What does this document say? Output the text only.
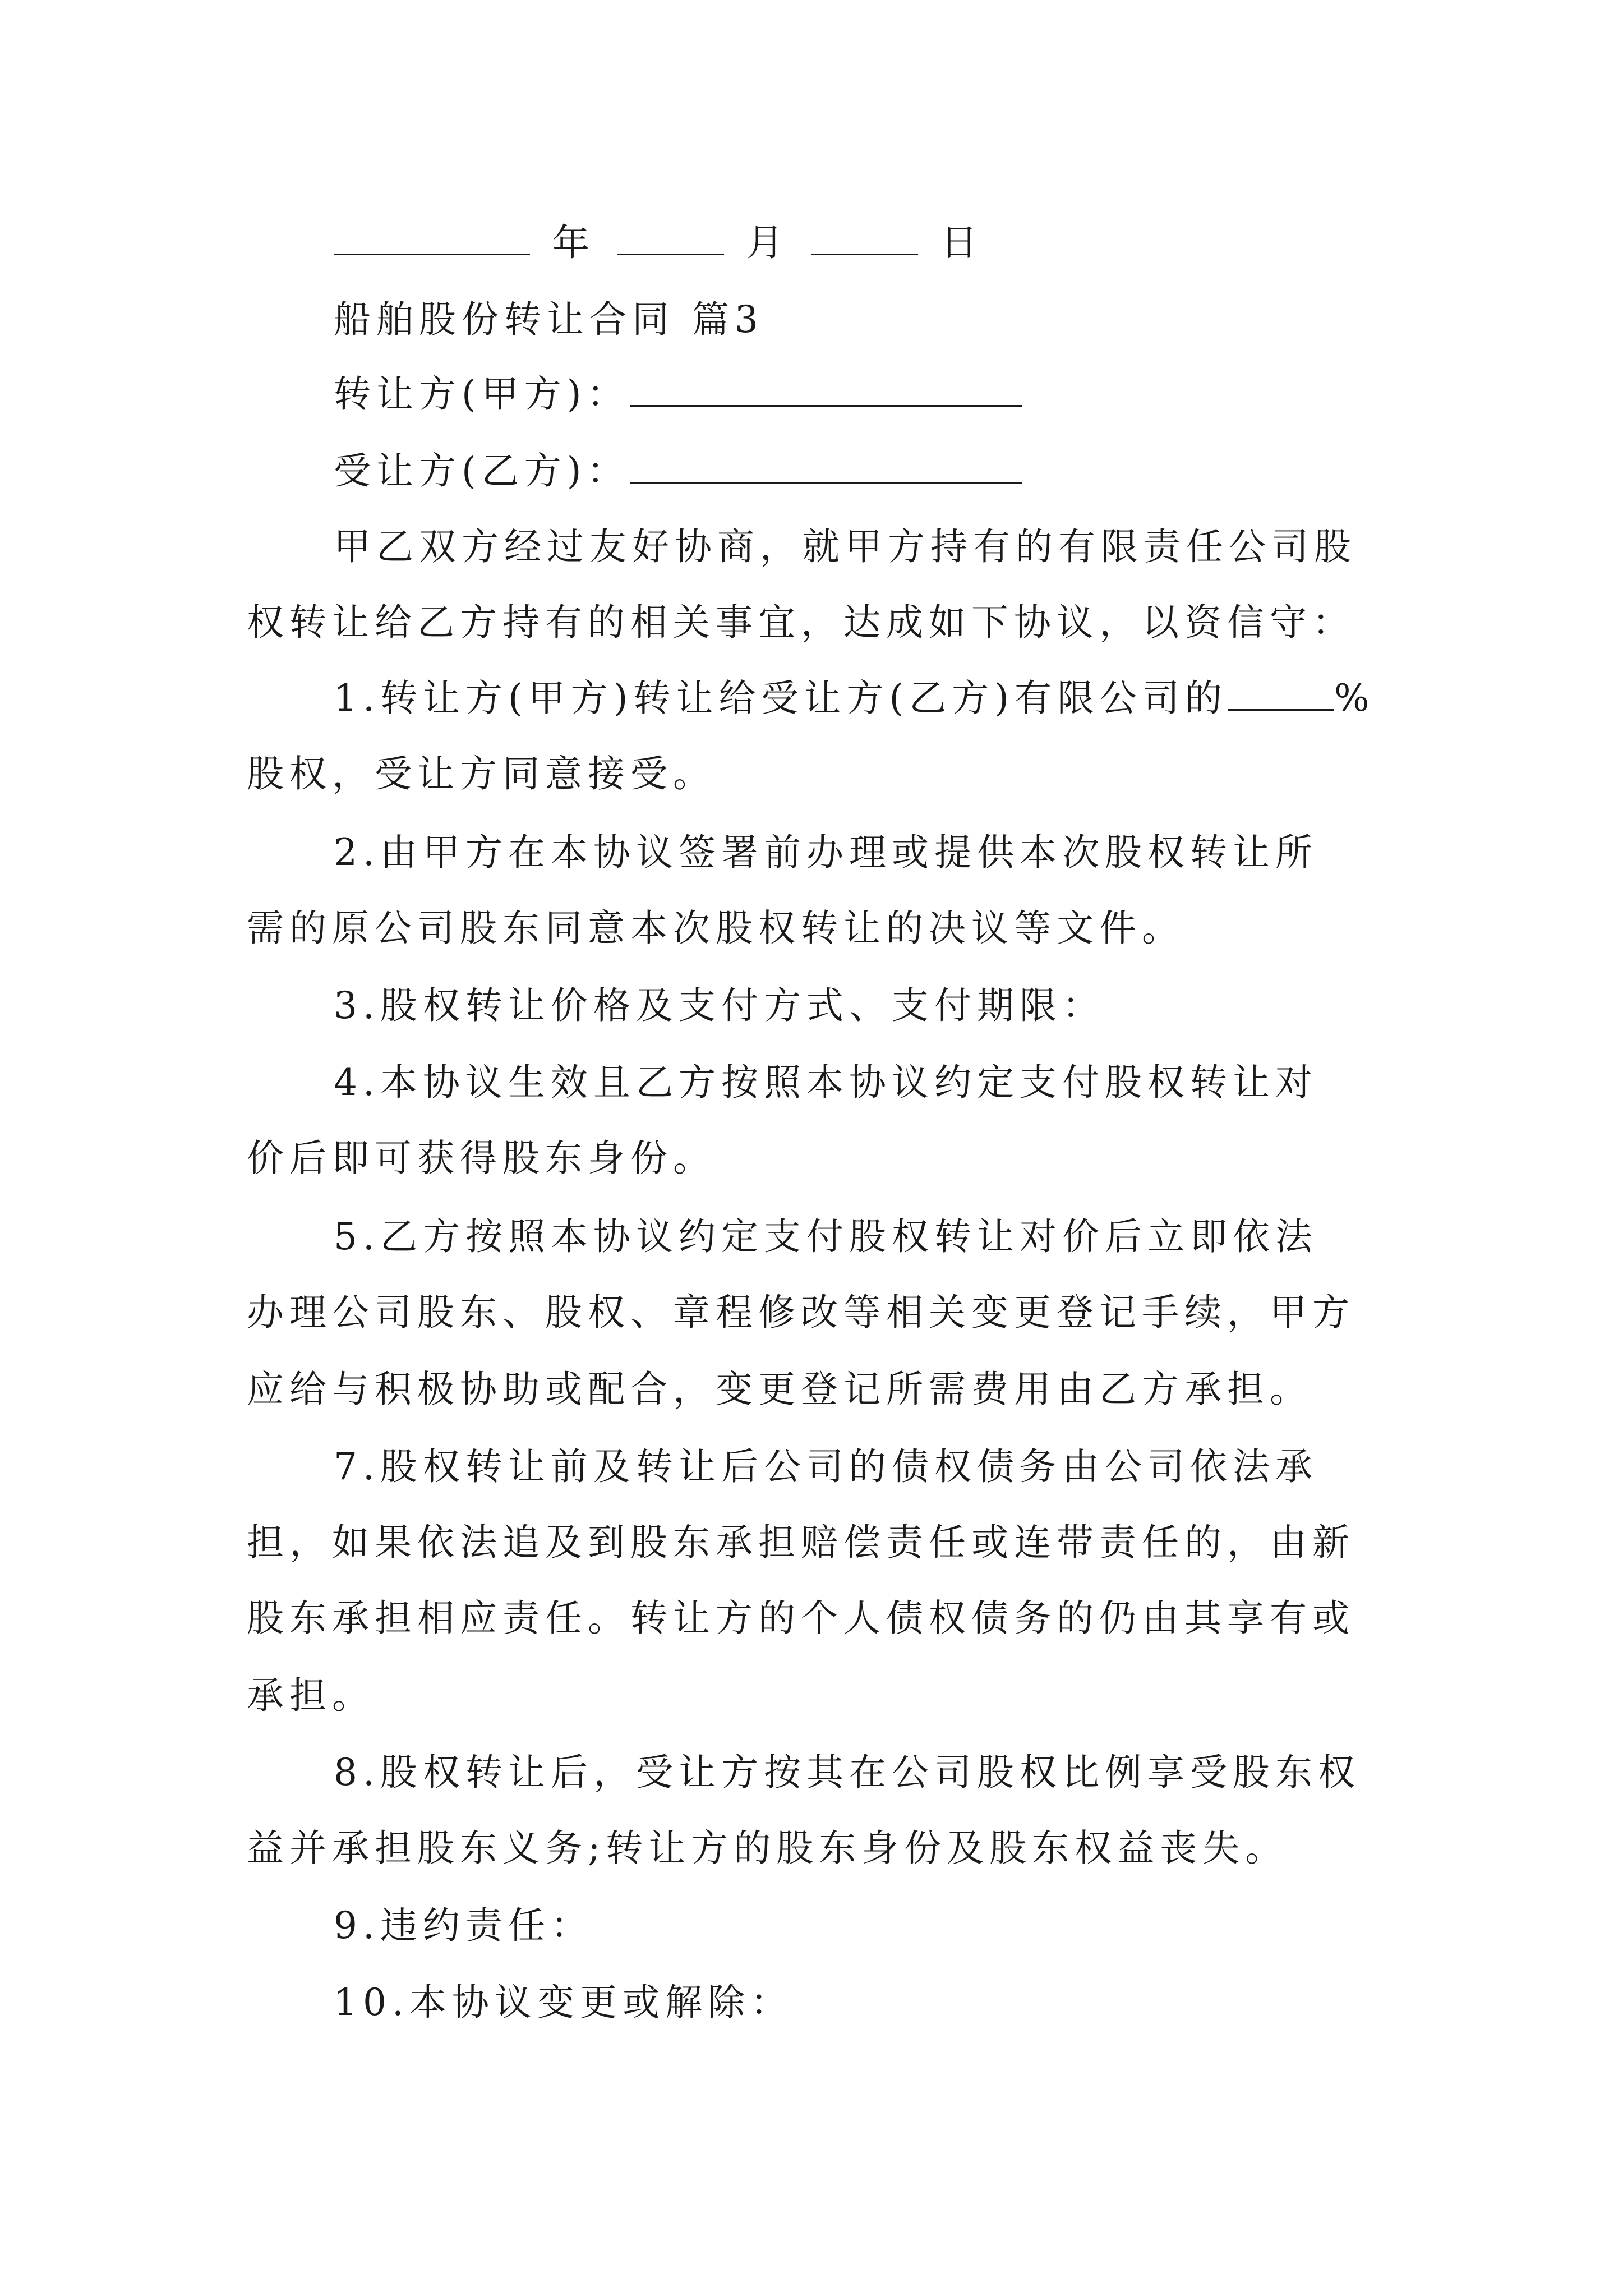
年	月	日
船舶股份转让合同 篇3
转让方(甲方)：
受让方(乙方)：
甲乙双方经过友好协商，就甲方持有的有限责任公司股
权转让给乙方持有的相关事宜，达成如下协议，以资信守：
1.转让方(甲方)转让给受让方(乙方)有限公司的	%
股权，受让方同意接受。
2.由甲方在本协议签署前办理或提供本次股权转让所
需的原公司股东同意本次股权转让的决议等文件。
3.股权转让价格及支付方式、支付期限：
4.本协议生效且乙方按照本协议约定支付股权转让对
价后即可获得股东身份。
5.乙方按照本协议约定支付股权转让对价后立即依法
办理公司股东、股权、章程修改等相关变更登记手续，甲方
应给与积极协助或配合，变更登记所需费用由乙方承担。
7.股权转让前及转让后公司的债权债务由公司依法承
担，如果依法追及到股东承担赔偿责任或连带责任的，由新
股东承担相应责任。转让方的个人债权债务的仍由其享有或
承担。
8.股权转让后，受让方按其在公司股权比例享受股东权
益并承担股东义务;转让方的股东身份及股东权益丧失。
9.违约责任：
10.本协议变更或解除：
